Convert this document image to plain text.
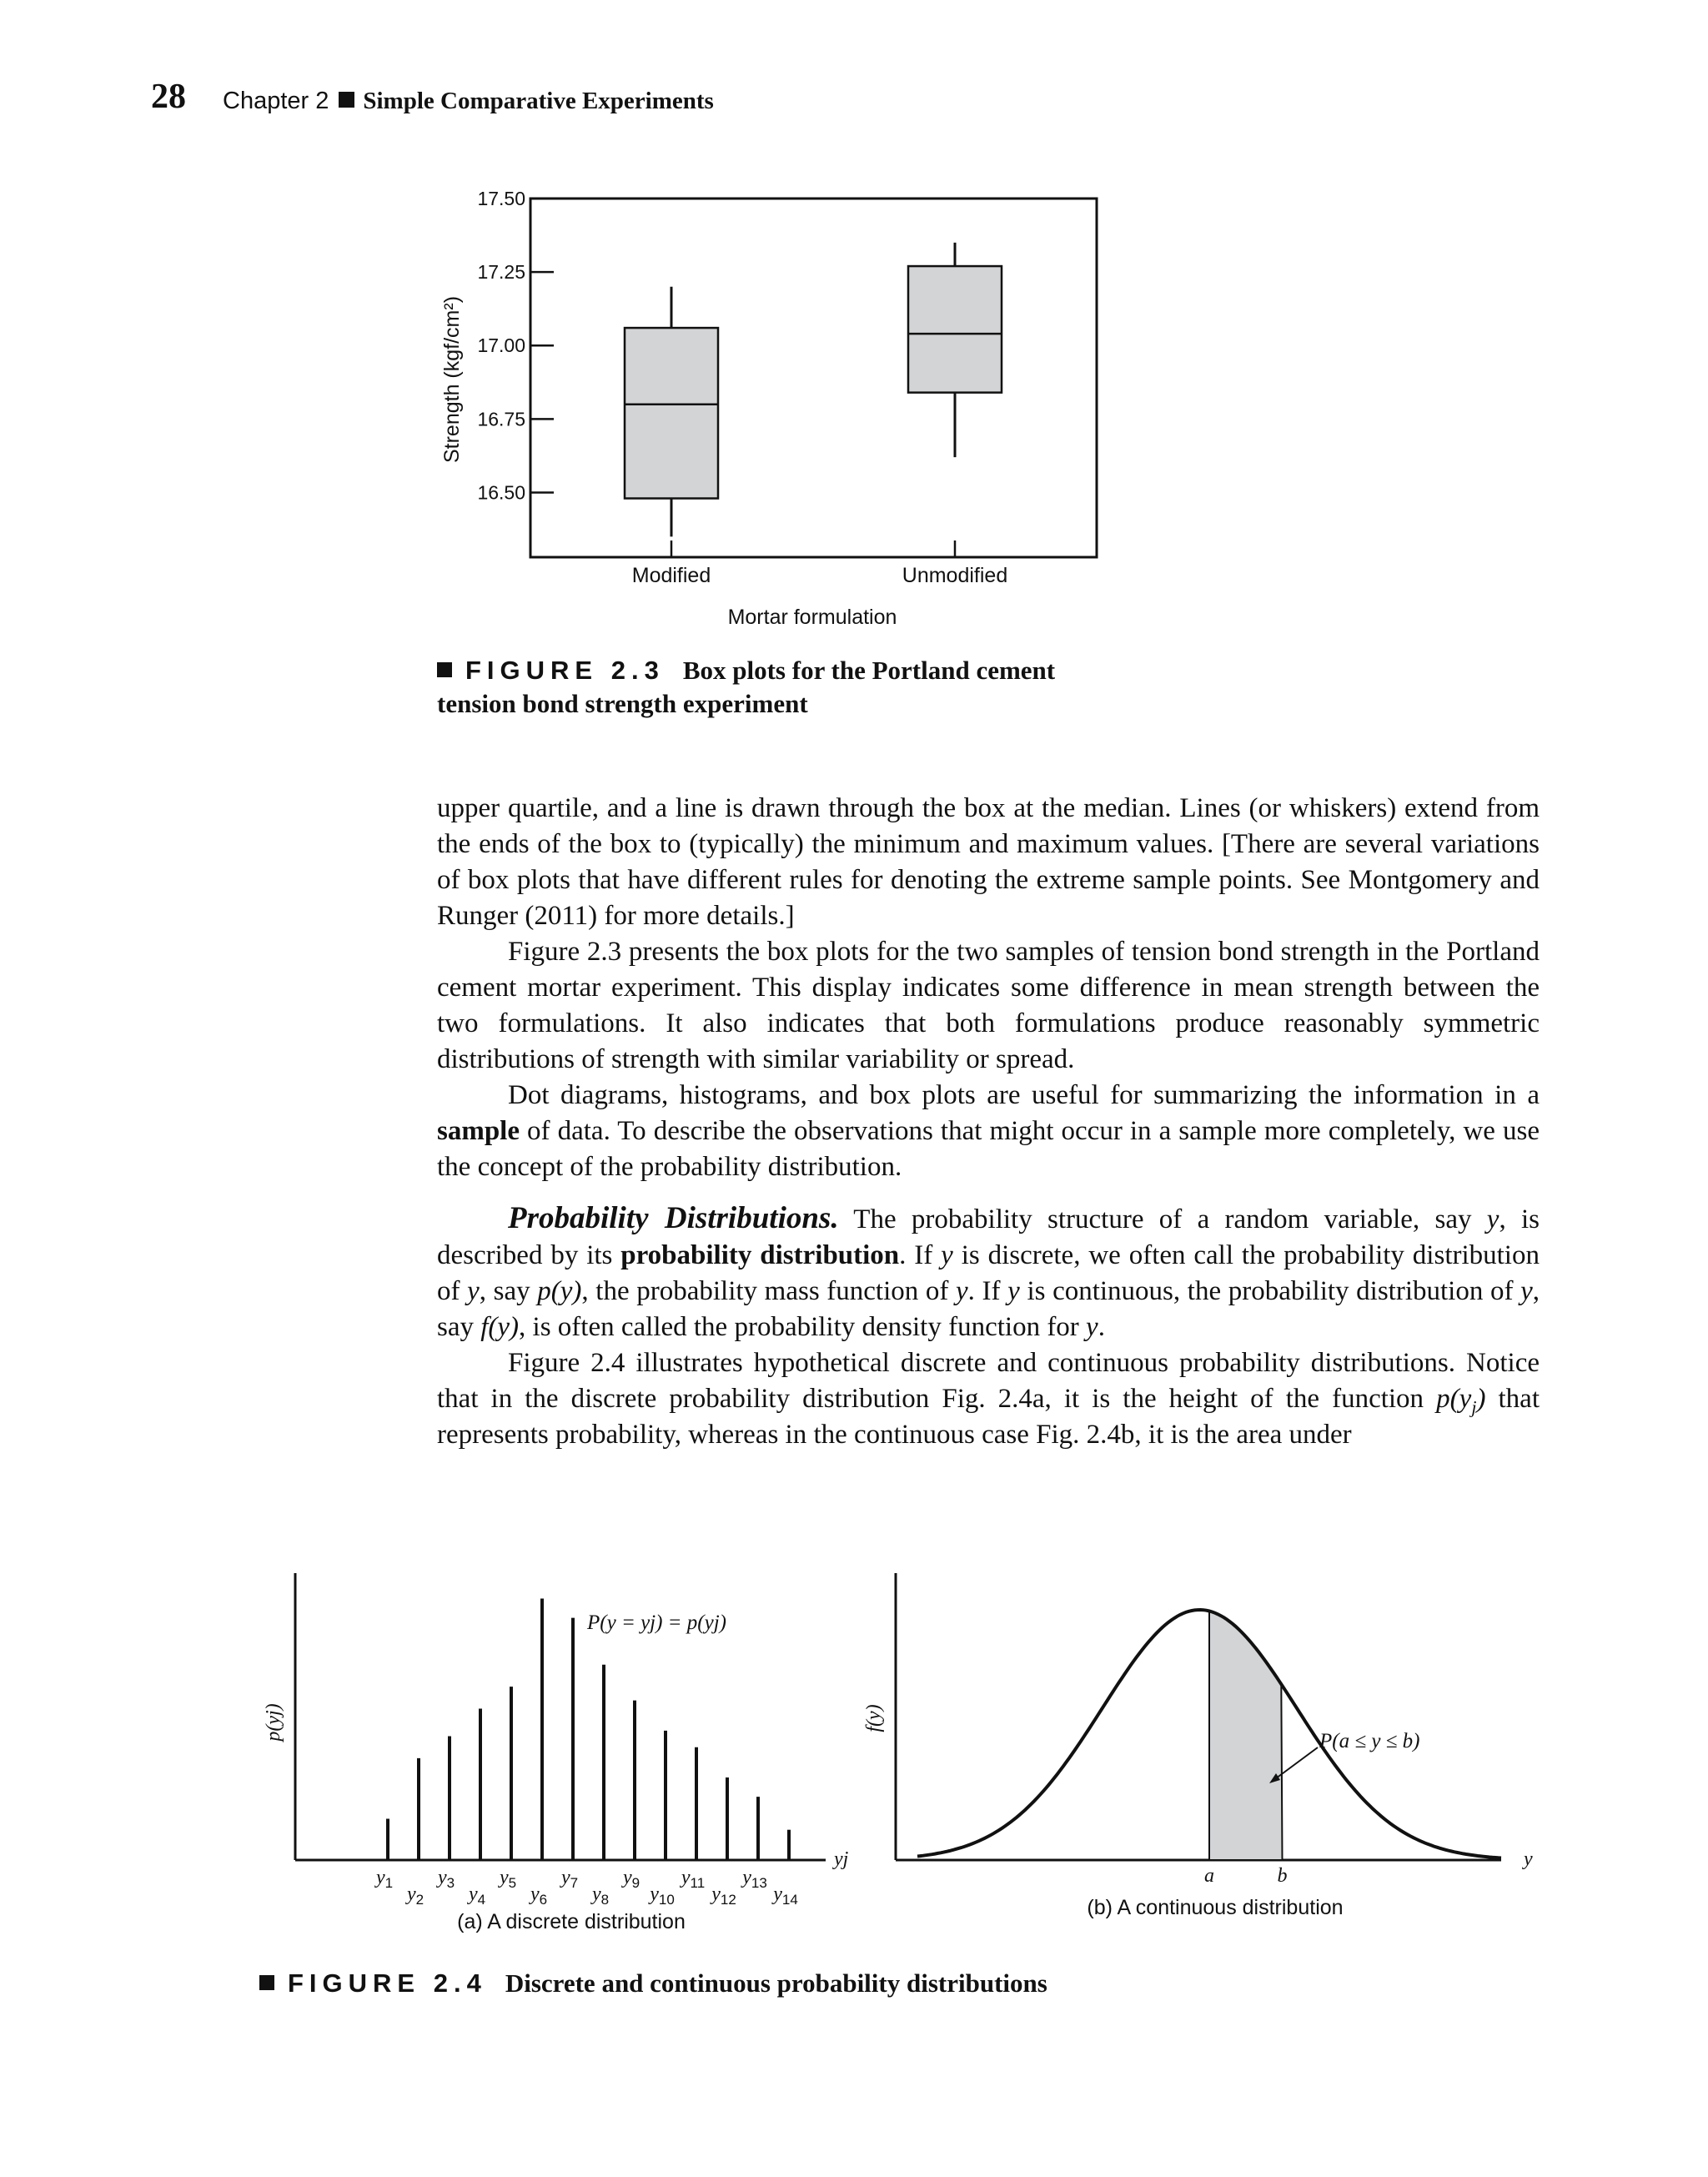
28 Chapter 2 Simple Comparative Experiments
17.50
17.25
17.00
16.75
16.50
Modified	Unmodified
Strength (kgf/cm²)
Mortar formulation
FIGURE 2.3 Box plots for the Portland cement
tension bond strength experiment

upper quartile, and a line is drawn through the box at the median. Lines (or whiskers) extend from the ends of the box to (typically) the minimum and maximum values. [There are several variations of box plots that have different rules for denoting the extreme sample points. See Montgomery and Runger (2011) for more details.]

Figure 2.3 presents the box plots for the two samples of tension bond strength in the Portland cement mortar experiment. This display indicates some difference in mean strength between the two formulations. It also indicates that both formulations produce reasonably symmetric distributions of strength with similar variability or spread.

Dot diagrams, histograms, and box plots are useful for summarizing the information in a sample of data. To describe the observations that might occur in a sample more completely, we use the concept of the probability distribution.

Probability Distributions. The probability structure of a random variable, say y, is described by its probability distribution. If y is discrete, we often call the probability distribution of y, say p(y), the probability mass function of y. If y is continuous, the probability distribution of y, say f(y), is often called the probability density function for y.

Figure 2.4 illustrates hypothetical discrete and continuous probability distributions. Notice that in the discrete probability distribution Fig. 2.4a, it is the height of the function $p(y_j)$ that represents probability, whereas in the continuous case Fig. 2.4b, it is the area under

$y_1$
$y_2$
$y_3$
$y_4$
$y_5$
$y_6$
$y_7$
$y_8$
$y_9$
$y_{10}$
$y_{11}$
$y_{12}$
$y_{13}$
$y_{14}$
p(yj)
yj
P(y = yj) = p(yj)
(a) A discrete distribution
f(y)
y
P(a ≤ y ≤ b)
a	b
(b) A continuous distribution
FIGURE 2.4 Discrete and continuous probability distributions
